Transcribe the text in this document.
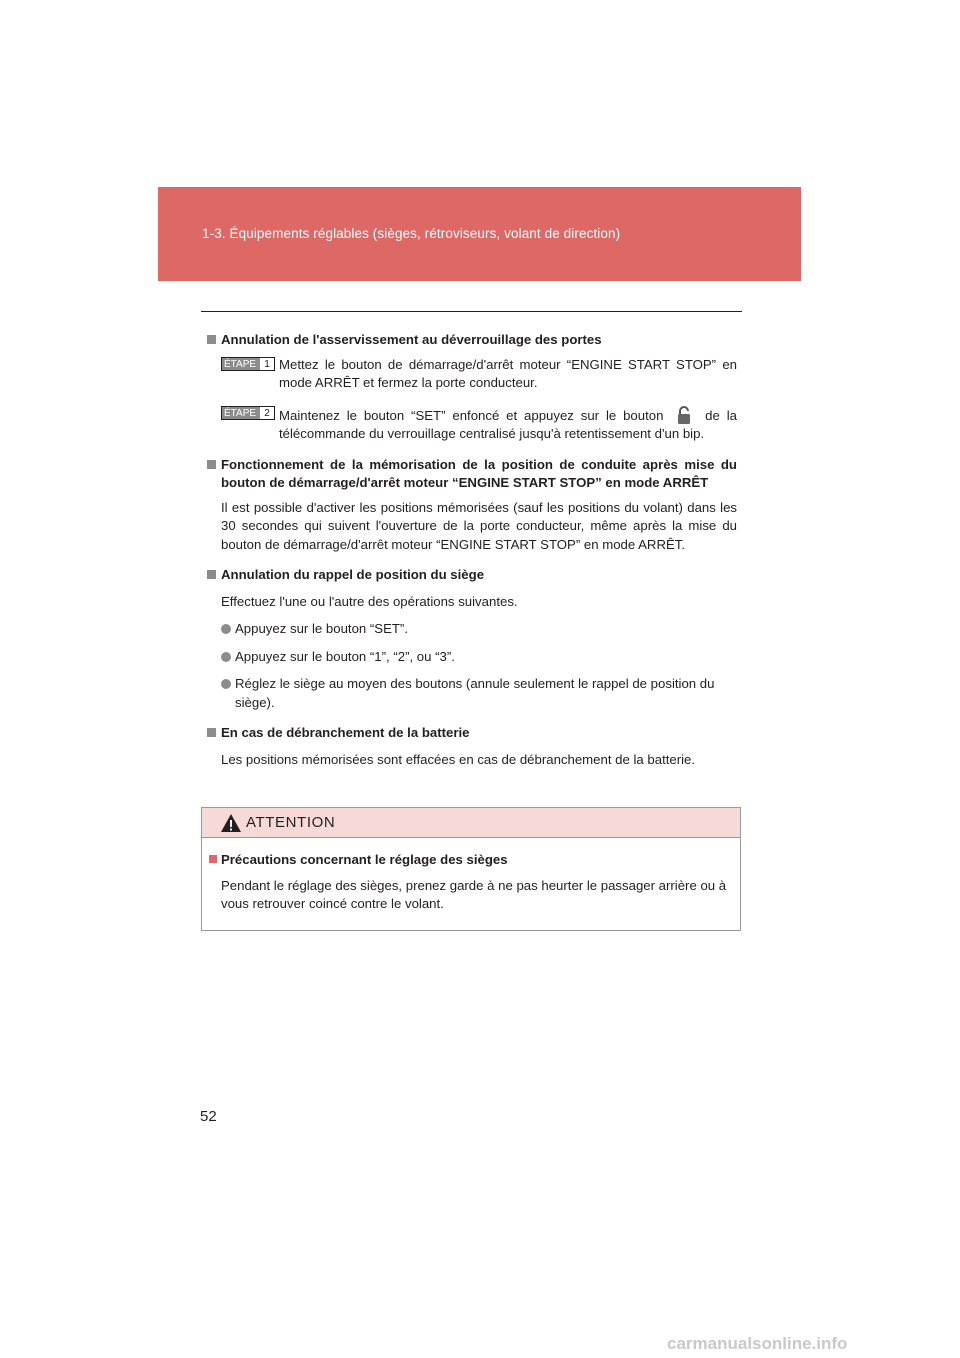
1-3. Équipements réglables (sièges, rétroviseurs, volant de direction)
Annulation de l'asservissement au déverrouillage des portes
ÉTAPE 1 Mettez le bouton de démarrage/d'arrêt moteur “ENGINE START STOP” en mode ARRÊT et fermez la porte conducteur.
ÉTAPE 2 Maintenez le bouton “SET” enfoncé et appuyez sur le bouton	de la télécommande du verrouillage centralisé jusqu'à retentissement d'un bip.
Fonctionnement de la mémorisation de la position de conduite après mise du bouton de démarrage/d'arrêt moteur “ENGINE START STOP” en mode ARRÊT
Il est possible d'activer les positions mémorisées (sauf les positions du volant) dans les 30 secondes qui suivent l'ouverture de la porte conducteur, même après la mise du bouton de démarrage/d'arrêt moteur “ENGINE START STOP” en mode ARRÊT.
Annulation du rappel de position du siège
Effectuez l'une ou l'autre des opérations suivantes.
Appuyez sur le bouton “SET”.
Appuyez sur le bouton “1”, “2”, ou “3”.
Réglez le siège au moyen des boutons (annule seulement le rappel de position du siège).
En cas de débranchement de la batterie
Les positions mémorisées sont effacées en cas de débranchement de la batterie.
ATTENTION
Précautions concernant le réglage des sièges
Pendant le réglage des sièges, prenez garde à ne pas heurter le passager arrière ou à vous retrouver coincé contre le volant.
52
carmanualsonline.info
